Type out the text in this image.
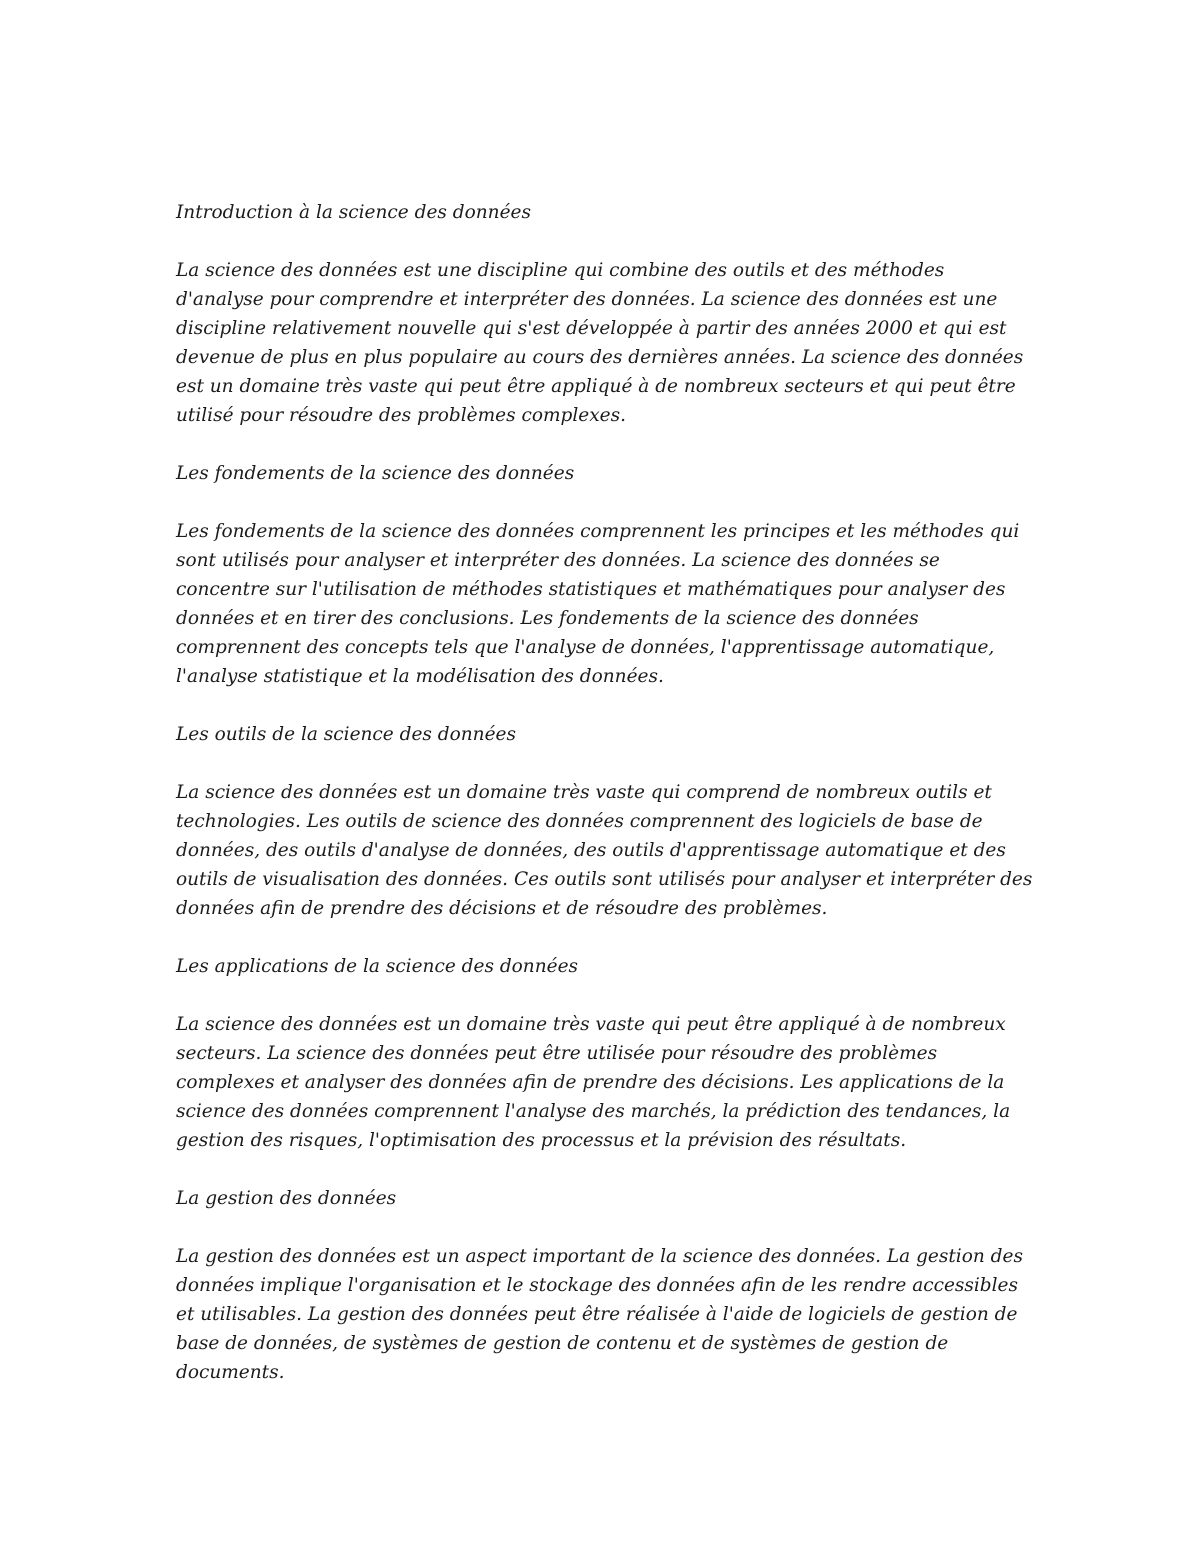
Introduction à la science des données
La science des données est une discipline qui combine des outils et des méthodes d'analyse pour comprendre et interpréter des données. La science des données est une discipline relativement nouvelle qui s'est développée à partir des années 2000 et qui est devenue de plus en plus populaire au cours des dernières années. La science des données est un domaine très vaste qui peut être appliqué à de nombreux secteurs et qui peut être utilisé pour résoudre des problèmes complexes.
Les fondements de la science des données
Les fondements de la science des données comprennent les principes et les méthodes qui sont utilisés pour analyser et interpréter des données. La science des données se concentre sur l'utilisation de méthodes statistiques et mathématiques pour analyser des données et en tirer des conclusions. Les fondements de la science des données comprennent des concepts tels que l'analyse de données, l'apprentissage automatique, l'analyse statistique et la modélisation des données.
Les outils de la science des données
La science des données est un domaine très vaste qui comprend de nombreux outils et technologies. Les outils de science des données comprennent des logiciels de base de données, des outils d'analyse de données, des outils d'apprentissage automatique et des outils de visualisation des données. Ces outils sont utilisés pour analyser et interpréter des données afin de prendre des décisions et de résoudre des problèmes.
Les applications de la science des données
La science des données est un domaine très vaste qui peut être appliqué à de nombreux secteurs. La science des données peut être utilisée pour résoudre des problèmes complexes et analyser des données afin de prendre des décisions. Les applications de la science des données comprennent l'analyse des marchés, la prédiction des tendances, la gestion des risques, l'optimisation des processus et la prévision des résultats.
La gestion des données
La gestion des données est un aspect important de la science des données. La gestion des données implique l'organisation et le stockage des données afin de les rendre accessibles et utilisables. La gestion des données peut être réalisée à l'aide de logiciels de gestion de base de données, de systèmes de gestion de contenu et de systèmes de gestion de documents.
